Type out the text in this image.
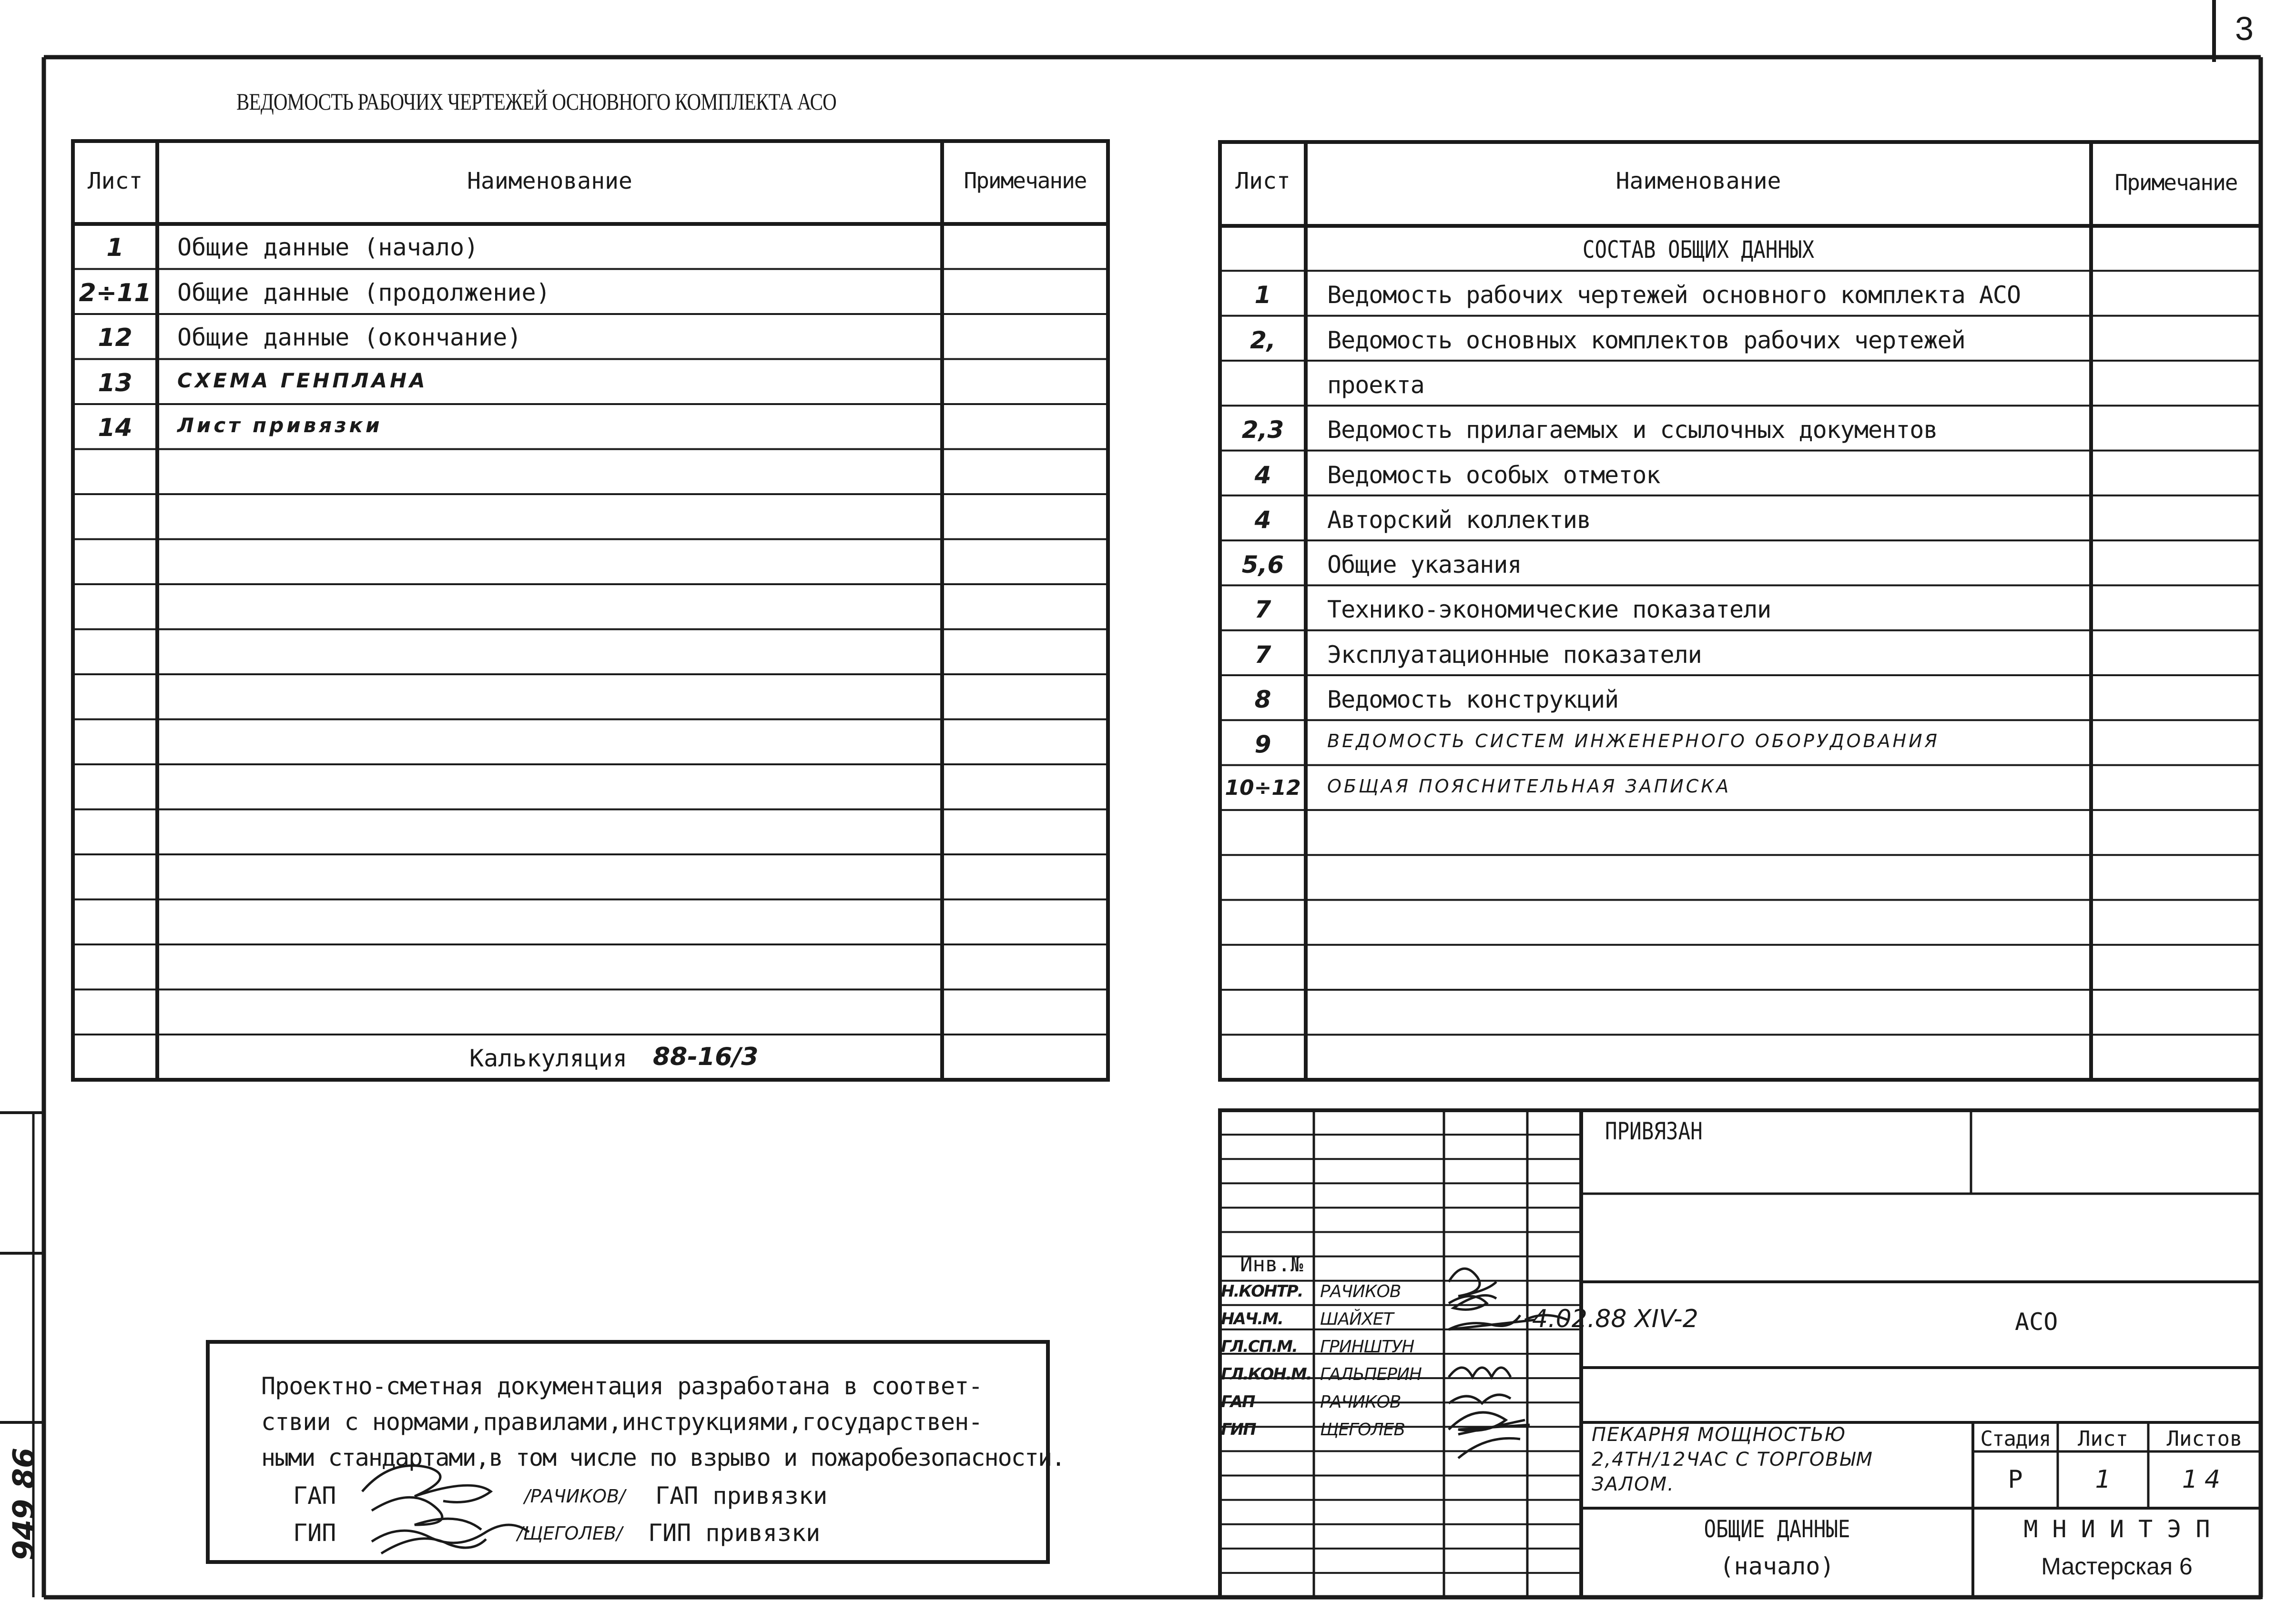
3
ВЕДОМОСТЬ РАБОЧИХ ЧЕРТЕЖЕЙ ОСНОВНОГО КОМПЛЕКТА АСО
Лист	Наименование	Примечание
1	Общие данные (начало)
2÷11 Общие данные (продолжение)
12	Общие данные (окончание)
13	СХЕМА ГЕНПЛАНА
14	Лист привязки
Калькуляция 88-16/3
Лист	Наименование	Примечание
СОСТАВ ОБЩИХ ДАННЫХ
1	Ведомость рабочих чертежей основного комплекта АСО
2,	Ведомость основных комплектов рабочих чертежей
проекта
2,3	Ведомость прилагаемых и ссылочных документов
4	Ведомость особых отметок
4	Авторский коллектив
5,6	Общие указания
7	Технико-экономические показатели
7	Эксплуатационные показатели
8	Ведомость конструкций
9	ВЕДОМОСТЬ СИСТЕМ ИНЖЕНЕРНОГО ОБОРУДОВАНИЯ
10÷12 ОБЩАЯ ПОЯСНИТЕЛЬНАЯ ЗАПИСКА
Проектно-сметная документация разработана в соответ-
ствии с нормами,правилами,инструкциями,государствен-
ными стандартами,в том числе по взрыво и пожаробезопасности.
ГАП	/РАЧИКОВ/ ГАП привязки
ГИП	/ЩЕГОЛЕВ/ ГИП привязки
ПРИВЯЗАН
Инв.№
Н.КОНТР. РАЧИКОВ
НАЧ.М. ШАЙХЕТ
ГЛ.СП.М. ГРИНШТУН
ГЛ.КОН.М. ГАЛЬПЕРИН
ГАП	РАЧИКОВ
ГИП	ЩЕГОЛЕВ
4.02.88 XIV-2	АСО
ПЕКАРНЯ МОЩНОСТЬЮ
2,4ТН/12ЧАС С ТОРГОВЫМ
ЗАЛОМ.
Стадия	Лист	Листов
Р	1	14
ОБЩИЕ ДАННЫЕ
(начало)
М Н И И Т Э П
Мастерская 6
949 86
